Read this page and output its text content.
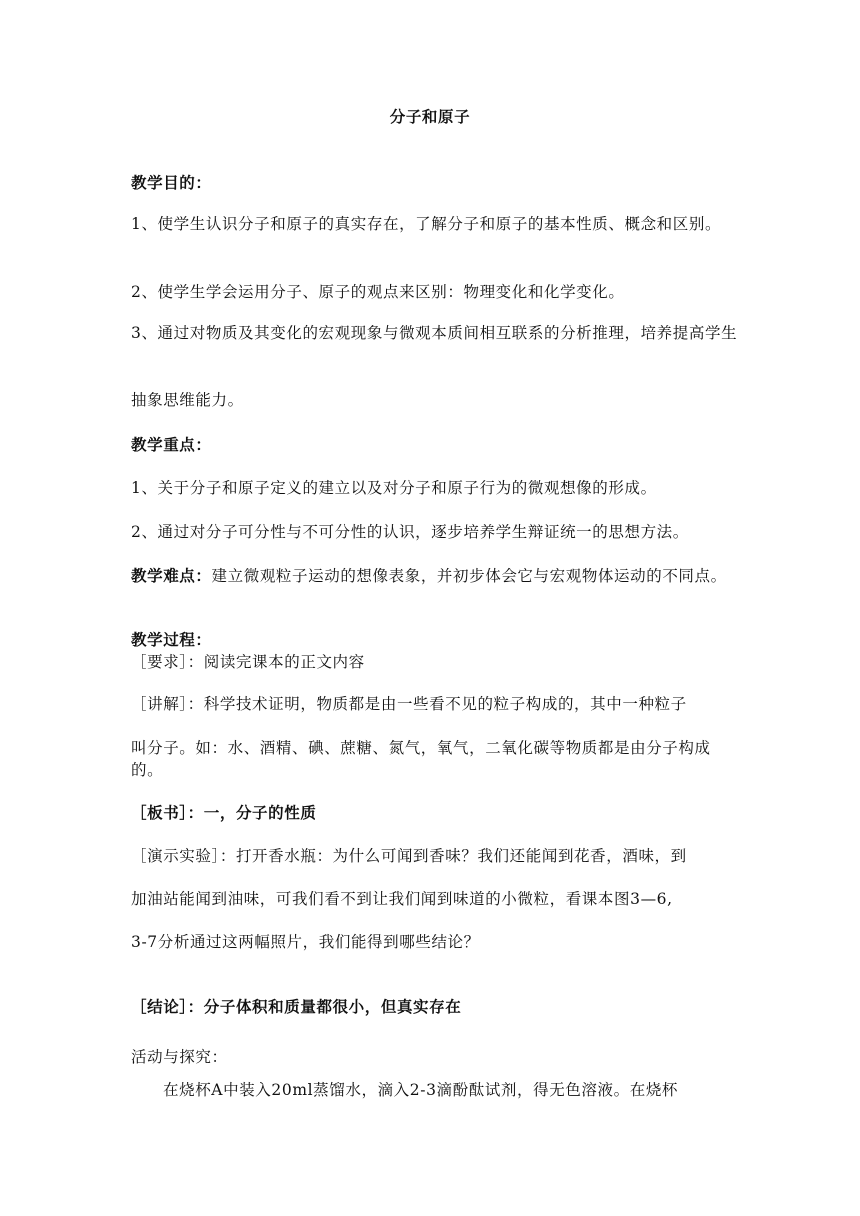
分子和原子
教学目的：
1、使学生认识分子和原子的真实存在，了解分子和原子的基本性质、概念和区别。
2、使学生学会运用分子、原子的观点来区别：物理变化和化学变化。
3、通过对物质及其变化的宏观现象与微观本质间相互联系的分析推理，培养提高学生
抽象思维能力。
教学重点：
1、关于分子和原子定义的建立以及对分子和原子行为的微观想像的形成。
2、通过对分子可分性与不可分性的认识，逐步培养学生辩证统一的思想方法。
教学难点：建立微观粒子运动的想像表象，并初步体会它与宏观物体运动的不同点。
教学过程：
［要求］：阅读完课本的正文内容
［讲解］：科学技术证明，物质都是由一些看不见的粒子构成的，其中一种粒子
叫分子。如：水、酒精、碘、蔗糖、氮气，氧气，二氧化碳等物质都是由分子构成的。
［板书］：一，分子的性质
［演示实验］：打开香水瓶：为什么可闻到香味？我们还能闻到花香，酒味，到
加油站能闻到油味，可我们看不到让我们闻到味道的小微粒，看课本图3—6,
3-7分析通过这两幅照片，我们能得到哪些结论？
［结论］：分子体积和质量都很小，但真实存在
活动与探究：
在烧杯A中装入20ml蒸馏水，滴入2-3滴酚酞试剂，得无色溶液。在烧杯
